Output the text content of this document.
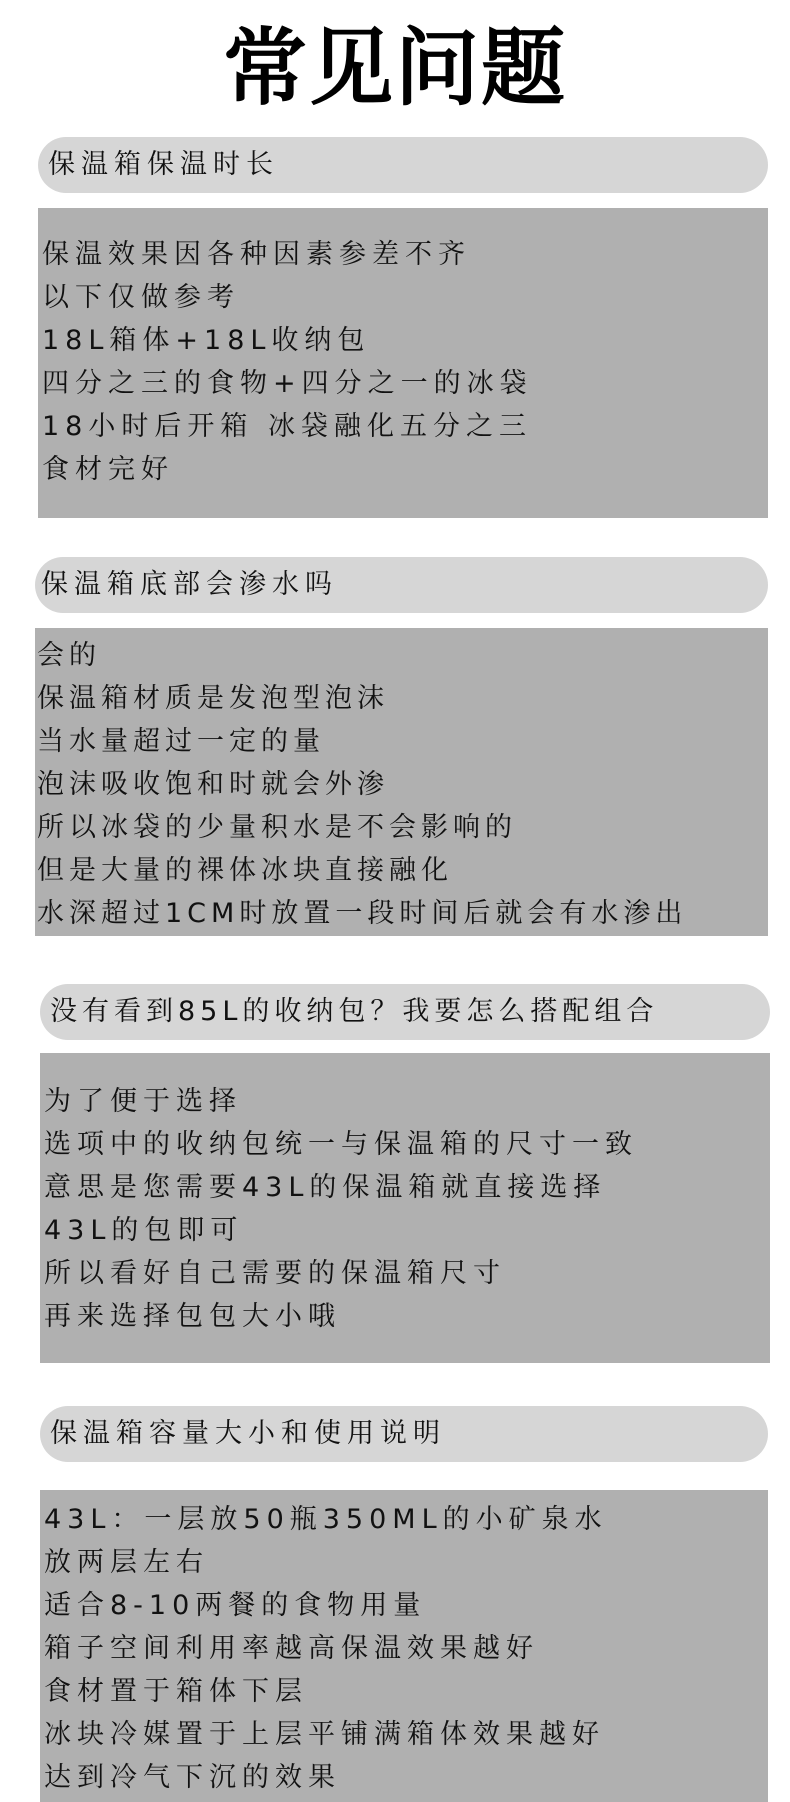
常见问题
保温箱保温时长
保温效果因各种因素参差不齐
以下仅做参考
18L箱体+18L收纳包
四分之三的食物+四分之一的冰袋
18小时后开箱 冰袋融化五分之三
食材完好
保温箱底部会渗水吗
会的
保温箱材质是发泡型泡沫
当水量超过一定的量
泡沫吸收饱和时就会外渗
所以冰袋的少量积水是不会影响的
但是大量的裸体冰块直接融化
水深超过1CM时放置一段时间后就会有水渗出
没有看到85L的收纳包？我要怎么搭配组合
为了便于选择
选项中的收纳包统一与保温箱的尺寸一致
意思是您需要43L的保温箱就直接选择
43L的包即可
所以看好自己需要的保温箱尺寸
再来选择包包大小哦
保温箱容量大小和使用说明
43L：一层放50瓶350ML的小矿泉水
放两层左右
适合8-10两餐的食物用量
箱子空间利用率越高保温效果越好
食材置于箱体下层
冰块冷媒置于上层平铺满箱体效果越好
达到冷气下沉的效果
